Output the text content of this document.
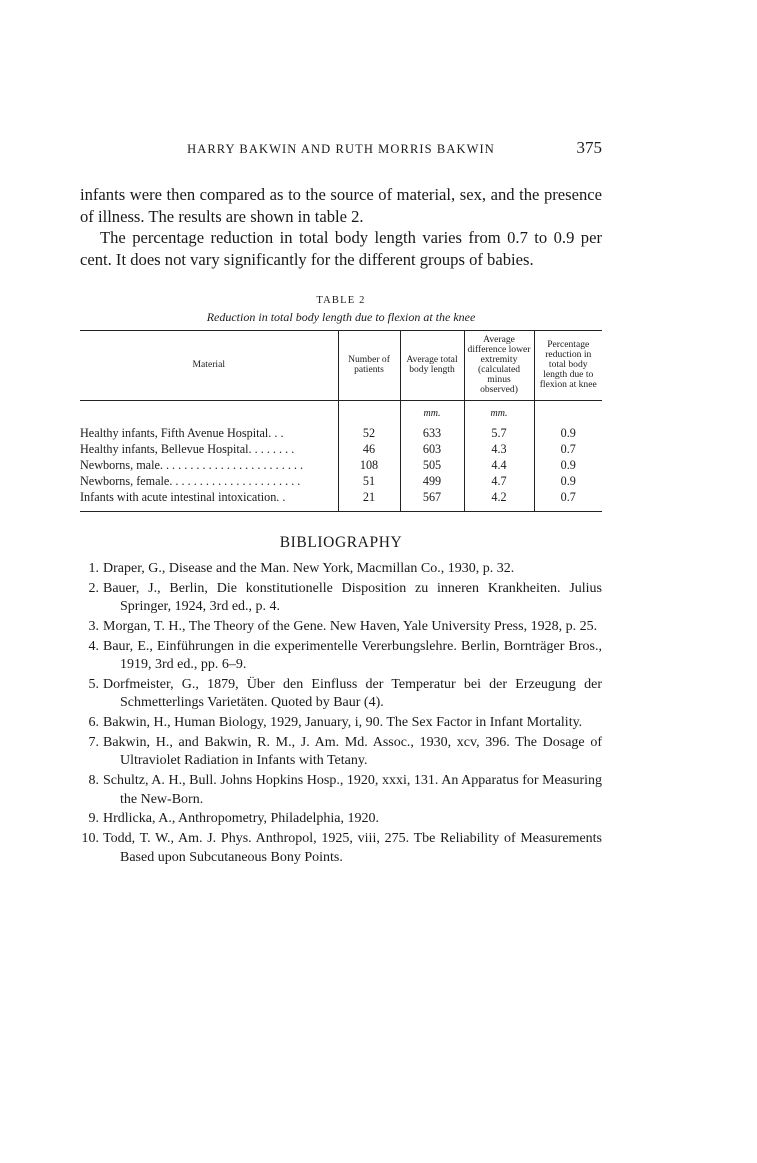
HARRY BAKWIN AND RUTH MORRIS BAKWIN	375

infants were then compared as to the source of material, sex, and the presence of illness. The results are shown in table 2.

The percentage reduction in total body length varies from 0.7 to 0.9 per cent. It does not vary significantly for the different groups of babies.

TABLE 2
Reduction in total body length due to flexion at the knee
Material	Number of patients	Average total body length	Average difference lower extremity (calculated minus observed)	Percentage reduction in total body length due to flexion at knee
		mm.	mm.	
Healthy infants, Fifth Avenue Hospital. . .	52	633	5.7	0.9
Healthy infants, Bellevue Hospital. . . . . . . .	46	603	4.3	0.7
Newborns, male. . . . . . . . . . . . . . . . . . . . . . . .	108	505	4.4	0.9
Newborns, female. . . . . . . . . . . . . . . . . . . . . .	51	499	4.7	0.9
Infants with acute intestinal intoxication. .	21	567	4.2	0.7
BIBLIOGRAPHY
1. Draper, G., Disease and the Man. New York, Macmillan Co., 1930, p. 32.
2. Bauer, J., Berlin, Die konstitutionelle Disposition zu inneren Krankheiten. Julius Springer, 1924, 3rd ed., p. 4.
3. Morgan, T. H., The Theory of the Gene. New Haven, Yale University Press, 1928, p. 25.
4. Baur, E., Einführungen in die experimentelle Vererbungslehre. Berlin, Bornträger Bros., 1919, 3rd ed., pp. 6–9.
5. Dorfmeister, G., 1879, Über den Einfluss der Temperatur bei der Erzeugung der Schmetterlings Varietäten. Quoted by Baur (4).
6. Bakwin, H., Human Biology, 1929, January, i, 90. The Sex Factor in Infant Mortality.
7. Bakwin, H., and Bakwin, R. M., J. Am. Md. Assoc., 1930, xcv, 396. The Dosage of Ultraviolet Radiation in Infants with Tetany.
8. Schultz, A. H., Bull. Johns Hopkins Hosp., 1920, xxxi, 131. An Apparatus for Measuring the New-Born.
9. Hrdlicka, A., Anthropometry, Philadelphia, 1920.
10. Todd, T. W., Am. J. Phys. Anthropol, 1925, viii, 275. Tbe Reliability of Measurements Based upon Subcutaneous Bony Points.
